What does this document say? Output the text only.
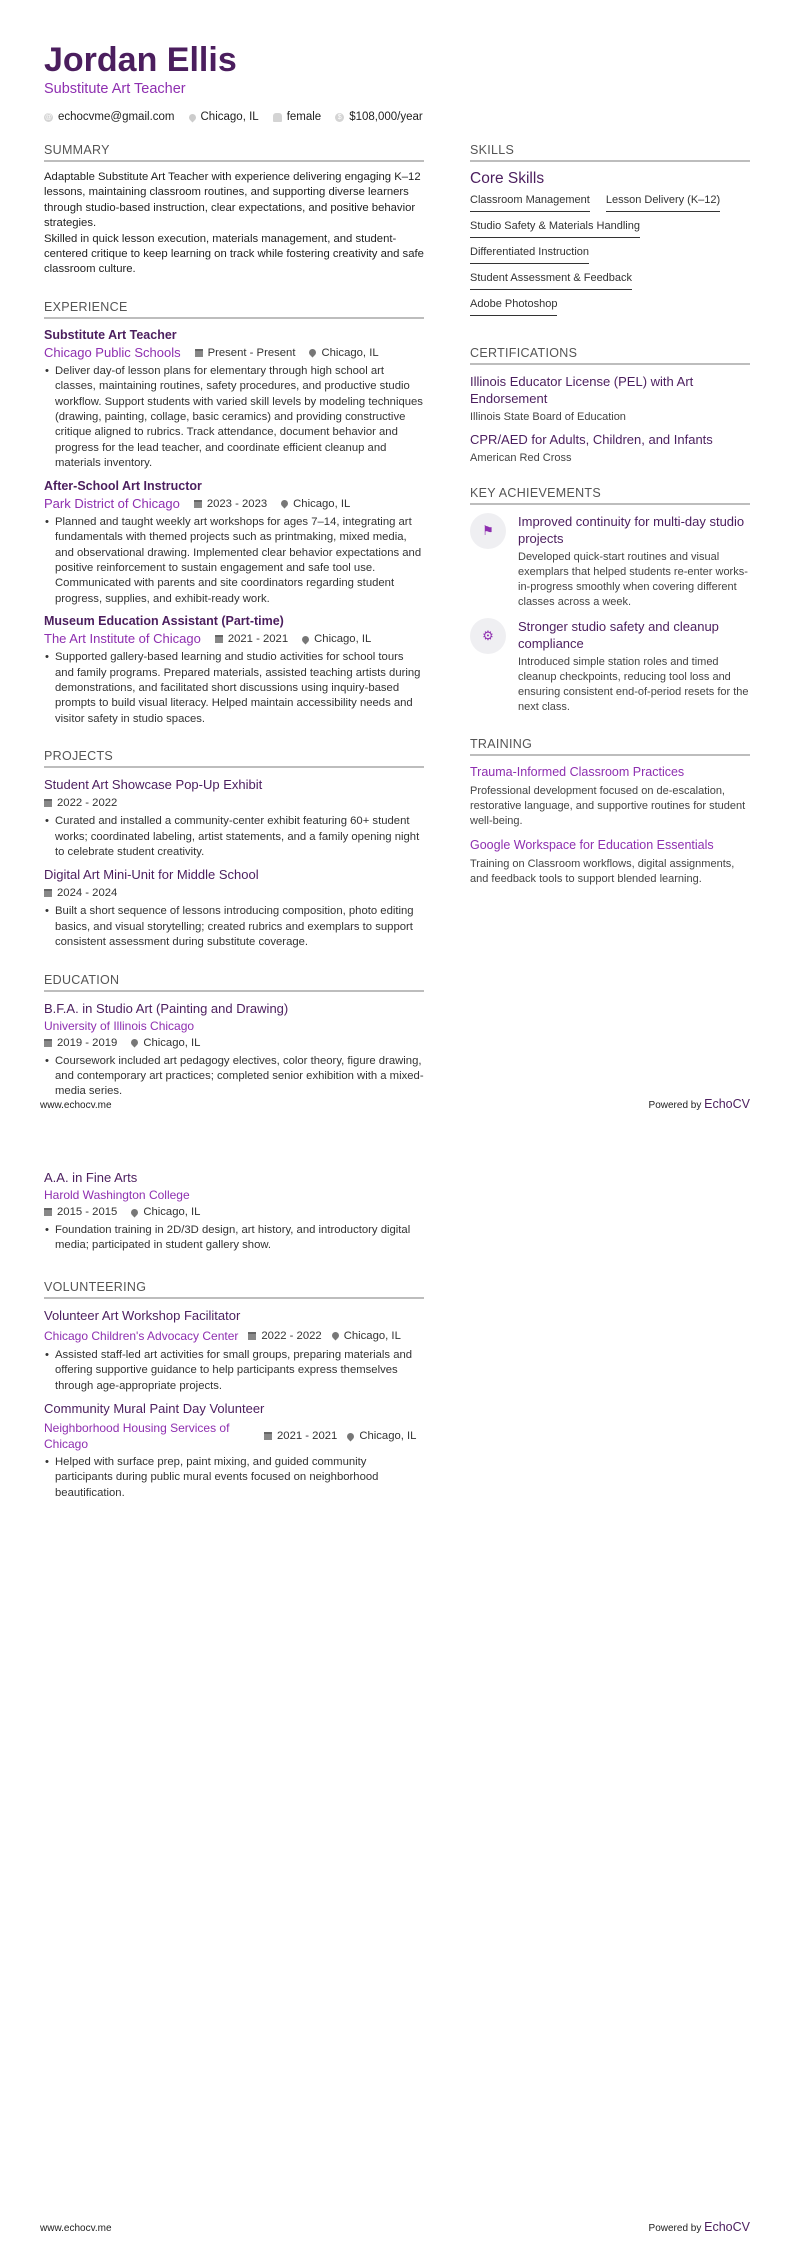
Jordan Ellis
Substitute Art Teacher
@ echocvme@gmail.com Chicago, IL female	$ $108,000/year
SUMMARY

Adaptable Substitute Art Teacher with experience delivering engaging K–12 lessons, maintaining classroom routines, and supporting diverse learners through studio-based instruction, clear expectations, and positive behavior strategies.

Skilled in quick lesson execution, materials management, and student-centered critique to keep learning on track while fostering creativity and safe classroom culture.

EXPERIENCE
Substitute Art Teacher
Chicago Public Schools Present - Present Chicago, IL
• Deliver day-of lesson plans for elementary through high school art classes, maintaining routines, safety procedures, and productive studio workflow. Support students with varied skill levels by modeling techniques (drawing, painting, collage, basic ceramics) and providing constructive critique aligned to rubrics. Track attendance, document behavior and progress for the lead teacher, and coordinate efficient cleanup and materials inventory.
After-School Art Instructor
Park District of Chicago 2023 - 2023 Chicago, IL
• Planned and taught weekly art workshops for ages 7–14, integrating art fundamentals with themed projects such as printmaking, mixed media, and observational drawing. Implemented clear behavior expectations and positive reinforcement to sustain engagement and safe tool use. Communicated with parents and site coordinators regarding student progress, supplies, and exhibit-ready work.
Museum Education Assistant (Part-time)
The Art Institute of Chicago 2021 - 2021 Chicago, IL
• Supported gallery-based learning and studio activities for school tours and family programs. Prepared materials, assisted teaching artists during demonstrations, and facilitated short discussions using inquiry-based prompts to build visual literacy. Helped maintain accessibility needs and visitor safety in studio spaces.
PROJECTS
Student Art Showcase Pop-Up Exhibit
2022 - 2022
• Curated and installed a community-center exhibit featuring 60+ student works; coordinated labeling, artist statements, and a family opening night to celebrate student creativity.
Digital Art Mini-Unit for Middle School
2024 - 2024
• Built a short sequence of lessons introducing composition, photo editing basics, and visual storytelling; created rubrics and exemplars to support consistent assessment during substitute coverage.
EDUCATION
B.F.A. in Studio Art (Painting and Drawing)
University of Illinois Chicago
2019 - 2019 Chicago, IL
• Coursework included art pedagogy electives, color theory, figure drawing, and contemporary art practices; completed senior exhibition with a mixed-media series.
SKILLS
Core Skills
Classroom Management Lesson Delivery (K–12)
Studio Safety & Materials Handling
Differentiated Instruction
Student Assessment & Feedback
Adobe Photoshop
CERTIFICATIONS
Illinois Educator License (PEL) with Art Endorsement
Illinois State Board of Education
CPR/AED for Adults, Children, and Infants
American Red Cross
KEY ACHIEVEMENTS
⚑
Improved continuity for multi-day studio projects
Developed quick-start routines and visual exemplars that helped students re-enter works-in-progress smoothly when covering different classes across a week.
⚙
Stronger studio safety and cleanup compliance
Introduced simple station roles and timed cleanup checkpoints, reducing tool loss and ensuring consistent end-of-period resets for the next class.
TRAINING
Trauma-Informed Classroom Practices
Professional development focused on de-escalation, restorative language, and supportive routines for student well-being.
Google Workspace for Education Essentials
Training on Classroom workflows, digital assignments, and feedback tools to support blended learning.
www.echocv.me	Powered by EchoCV
A.A. in Fine Arts
Harold Washington College
2015 - 2015 Chicago, IL
• Foundation training in 2D/3D design, art history, and introductory digital media; participated in student gallery show.
VOLUNTEERING
Volunteer Art Workshop Facilitator
Chicago Children's Advocacy Center 2022 - 2022 Chicago, IL
• Assisted staff-led art activities for small groups, preparing materials and offering supportive guidance to help participants express themselves through age-appropriate projects.
Community Mural Paint Day Volunteer
Neighborhood Housing Services of Chicago
2021 - 2021 Chicago, IL
• Helped with surface prep, paint mixing, and guided community participants during public mural events focused on neighborhood beautification.
www.echocv.me	Powered by EchoCV
